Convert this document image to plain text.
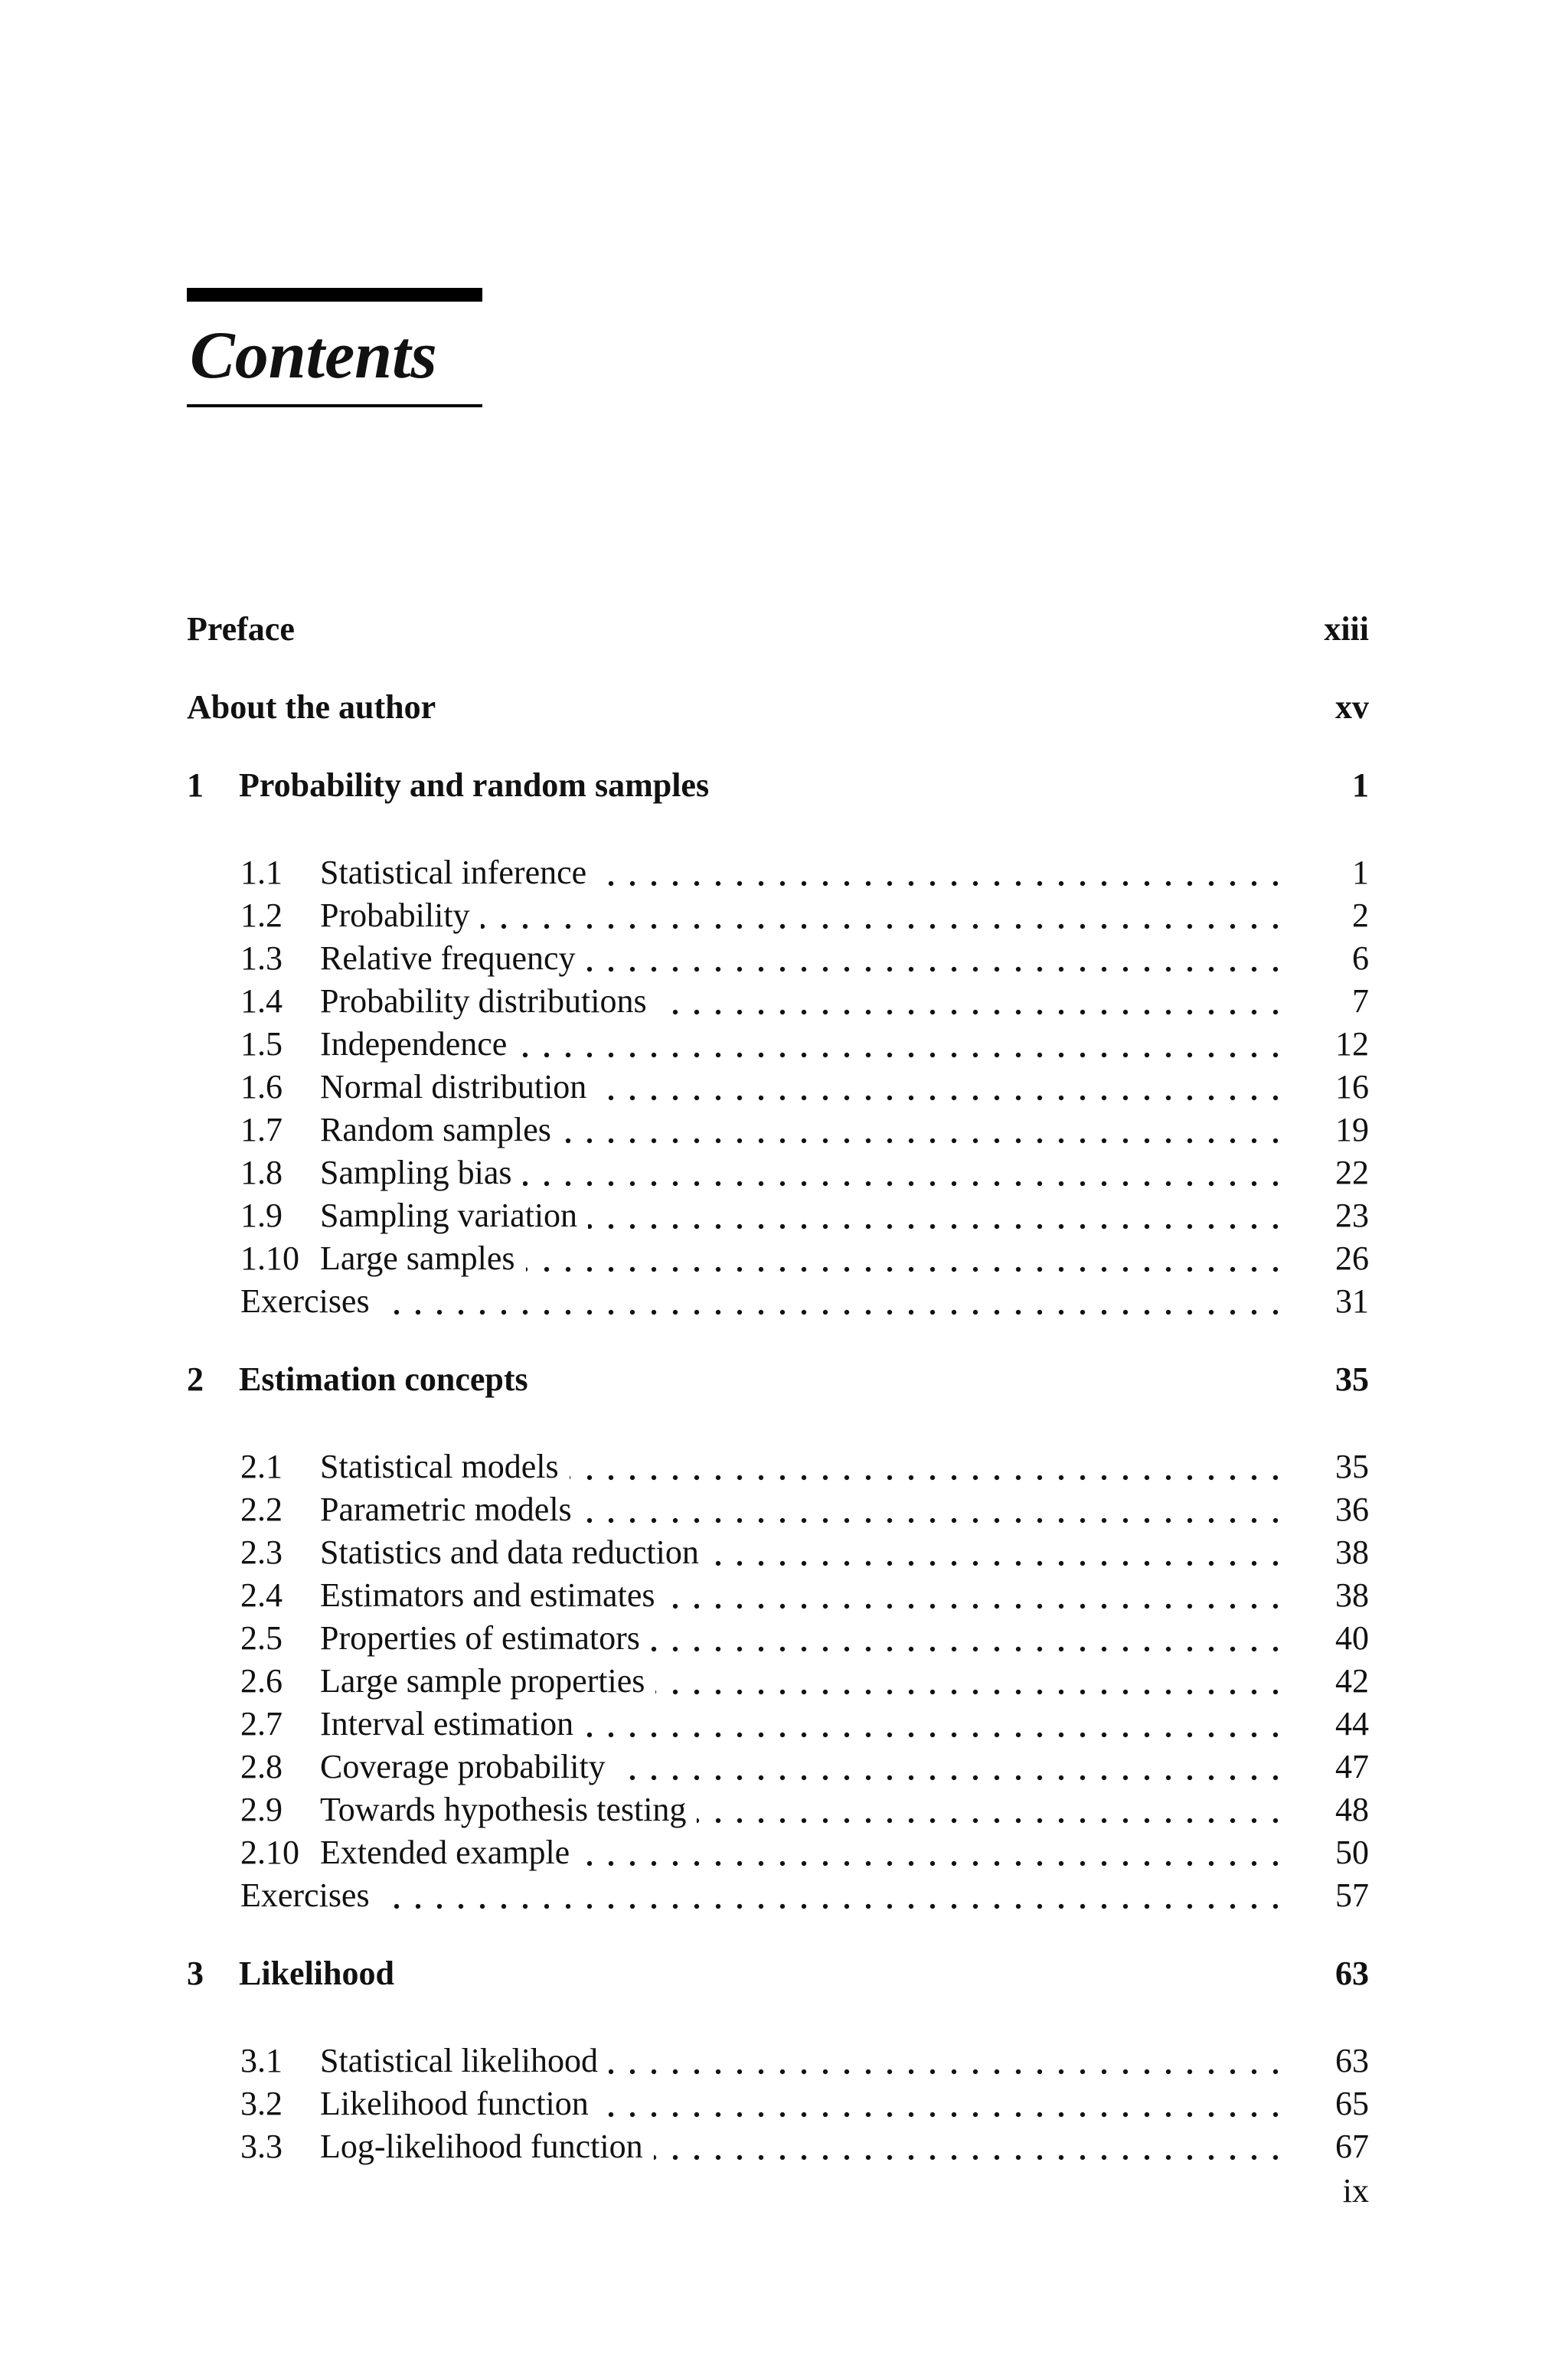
Contents
Preface	xiii
About the author	xv
1 Probability and random samples	1
1.1 Statistical inference	1
1.2 Probability	2
1.3 Relative frequency	6
1.4 Probability distributions	7
1.5 Independence	12
1.6 Normal distribution	16
1.7 Random samples	19
1.8 Sampling bias	22
1.9 Sampling variation	23
1.10 Large samples	26
Exercises	31
2 Estimation concepts	35
2.1 Statistical models	35
2.2 Parametric models	36
2.3 Statistics and data reduction	38
2.4 Estimators and estimates	38
2.5 Properties of estimators	40
2.6 Large sample properties	42
2.7 Interval estimation	44
2.8 Coverage probability	47
2.9 Towards hypothesis testing	48
2.10 Extended example	50
Exercises	57
3 Likelihood	63
3.1 Statistical likelihood	63
3.2 Likelihood function	65
3.3 Log-likelihood function	67
ix
